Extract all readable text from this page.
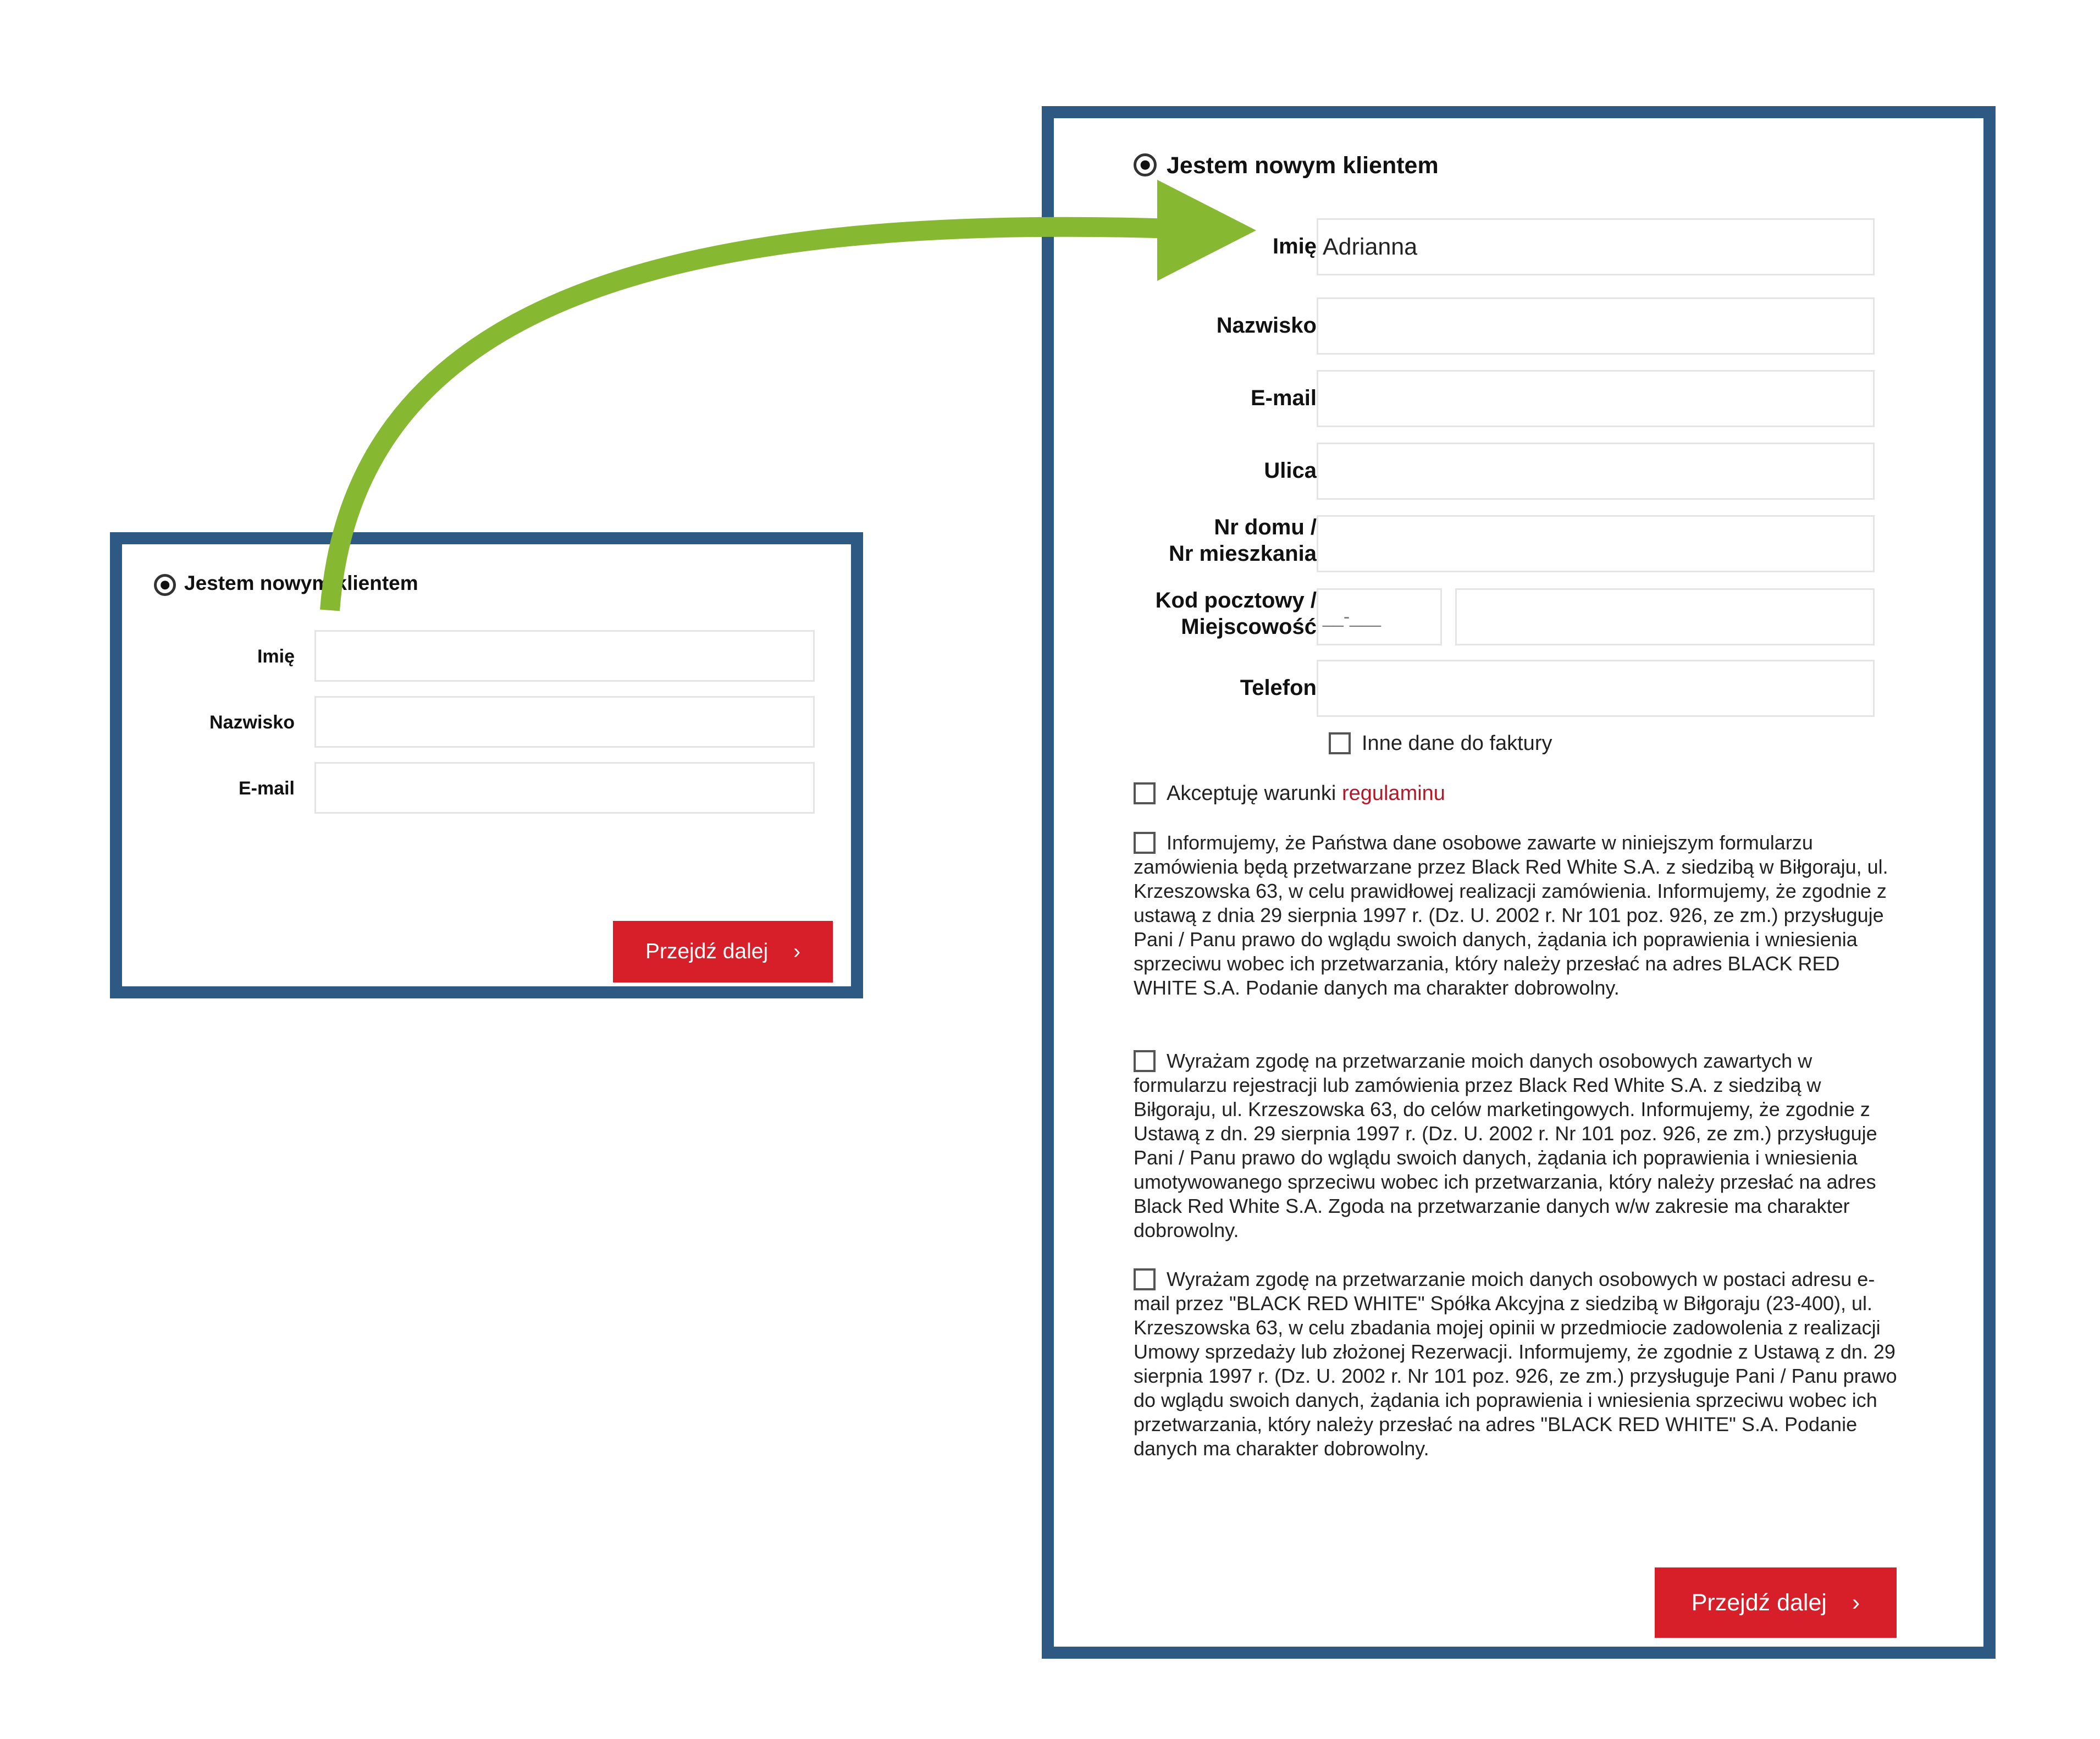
Jestem nowym klientem
Imię
Nazwisko
E-mail
Przejdź dalej ›
Jestem nowym klientem
Imię Adrianna
Nazwisko
E-mail
Ulica
Nr domu /
Nr mieszkania
Kod pocztowy /
Miejscowość __-___
Telefon
Inne dane do faktury
Akceptuję warunki regulaminu
Informujemy, że Państwa dane osobowe zawarte w niniejszym formularzu zamówienia będą przetwarzane przez Black Red White S.A. z siedzibą w Biłgoraju, ul. Krzeszowska 63, w celu prawidłowej realizacji zamówienia. Informujemy, że zgodnie z ustawą z dnia 29 sierpnia 1997 r. (Dz. U. 2002 r. Nr 101 poz. 926, ze zm.) przysługuje Pani / Panu prawo do wglądu swoich danych, żądania ich poprawienia i wniesienia sprzeciwu wobec ich przetwarzania, który należy przesłać na adres BLACK RED WHITE S.A. Podanie danych ma charakter dobrowolny.
Wyrażam zgodę na przetwarzanie moich danych osobowych zawartych w formularzu rejestracji lub zamówienia przez Black Red White S.A. z siedzibą w Biłgoraju, ul. Krzeszowska 63, do celów marketingowych. Informujemy, że zgodnie z Ustawą z dn. 29 sierpnia 1997 r. (Dz. U. 2002 r. Nr 101 poz. 926, ze zm.) przysługuje Pani / Panu prawo do wglądu swoich danych, żądania ich poprawienia i wniesienia umotywowanego sprzeciwu wobec ich przetwarzania, który należy przesłać na adres Black Red White S.A. Zgoda na przetwarzanie danych w/w zakresie ma charakter dobrowolny.
Wyrażam zgodę na przetwarzanie moich danych osobowych w postaci adresu e-mail przez "BLACK RED WHITE" Spółka Akcyjna z siedzibą w Biłgoraju (23-400), ul. Krzeszowska 63, w celu zbadania mojej opinii w przedmiocie zadowolenia z realizacji Umowy sprzedaży lub złożonej Rezerwacji. Informujemy, że zgodnie z Ustawą z dn. 29 sierpnia 1997 r. (Dz. U. 2002 r. Nr 101 poz. 926, ze zm.) przysługuje Pani / Panu prawo do wglądu swoich danych, żądania ich poprawienia i wniesienia sprzeciwu wobec ich przetwarzania, który należy przesłać na adres "BLACK RED WHITE" S.A. Podanie danych ma charakter dobrowolny.
Przejdź dalej ›
